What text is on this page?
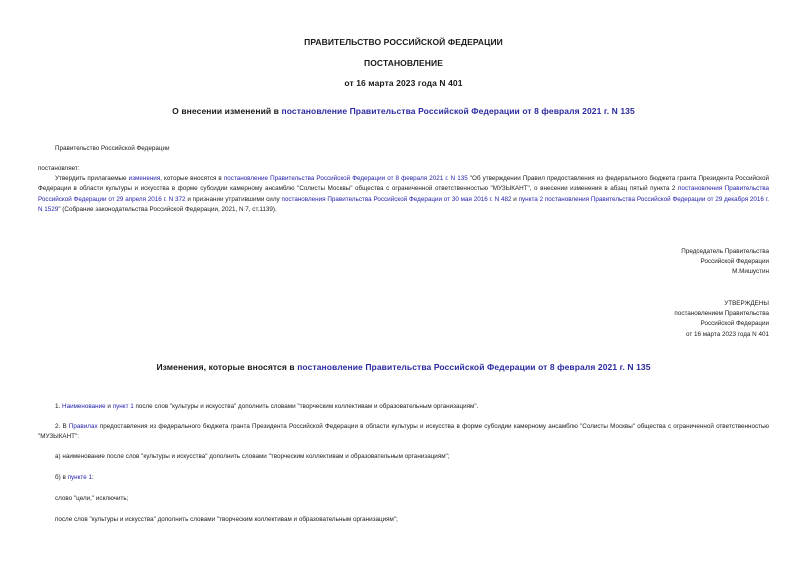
ПРАВИТЕЛЬСТВО РОССИЙСКОЙ ФЕДЕРАЦИИ
ПОСТАНОВЛЕНИЕ
от 16 марта 2023 года N 401
О внесении изменений в постановление Правительства Российской Федерации от 8 февраля 2021 г. N 135
Правительство Российской Федерации
постановляет:
Утвердить прилагаемые изменения, которые вносятся в постановление Правительства Российской Федерации от 8 февраля 2021 г. N 135 "Об утверждении Правил предоставления из федерального бюджета гранта Президента Российской Федерации в области культуры и искусства в форме субсидии камерному ансамблю "Солисты Москвы" общества с ограниченной ответственностью "МУЗЫКАНТ", о внесении изменения в абзац пятый пункта 2 постановления Правительства Российской Федерации от 29 апреля 2016 г. N 372 и признании утратившими силу постановления Правительства Российской Федерации от 30 мая 2016 г. N 482 и пункта 2 постановления Правительства Российской Федерации от 29 декабря 2016 г. N 1529" (Собрание законодательства Российской Федерации, 2021, N 7, ст.1139).
Председатель Правительства
Российской Федерации
М.Мишустин
УТВЕРЖДЕНЫ
постановлением Правительства
Российской Федерации
от 16 марта 2023 года N 401
Изменения, которые вносятся в постановление Правительства Российской Федерации от 8 февраля 2021 г. N 135
1. Наименование и пункт 1 после слов "культуры и искусства" дополнить словами "творческим коллективам и образовательным организациям".
2. В Правилах предоставления из федерального бюджета гранта Президента Российской Федерации в области культуры и искусства в форме субсидии камерному ансамблю "Солисты Москвы" общества с ограниченной ответственностью "МУЗЫКАНТ":
а) наименование после слов "культуры и искусства" дополнить словами "творческим коллективам и образовательным организациям";
б) в пункте 1:
слово "цели," исключить;
после слов "культуры и искусства" дополнить словами "творческим коллективам и образовательным организациям";
